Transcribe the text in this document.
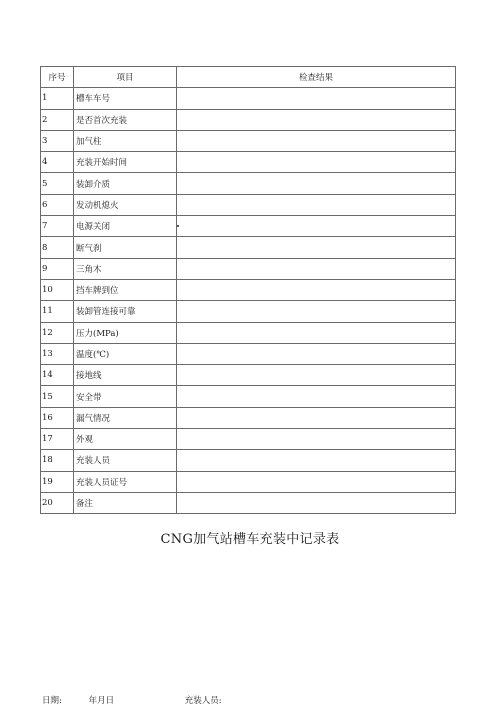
序号	项目	检查结果
1	槽车车号	
2	是否首次充装	
3	加气柱	
4	充装开始时间	
5	装卸介质	
6	发动机熄火	
7	电源关闭	

8	断气刹	
9	三角木	
10	挡车牌到位	
11	装卸管连接可靠	
12	压力(MPa)	
13	温度(℃)	
14	接地线	
15	安全带	
16	漏气情况	
17	外观	
18	充装人员	
19	充装人员证号	
20	备注	
CNG加气站槽车充装中记录表
日期:	年月日	充装人员:
